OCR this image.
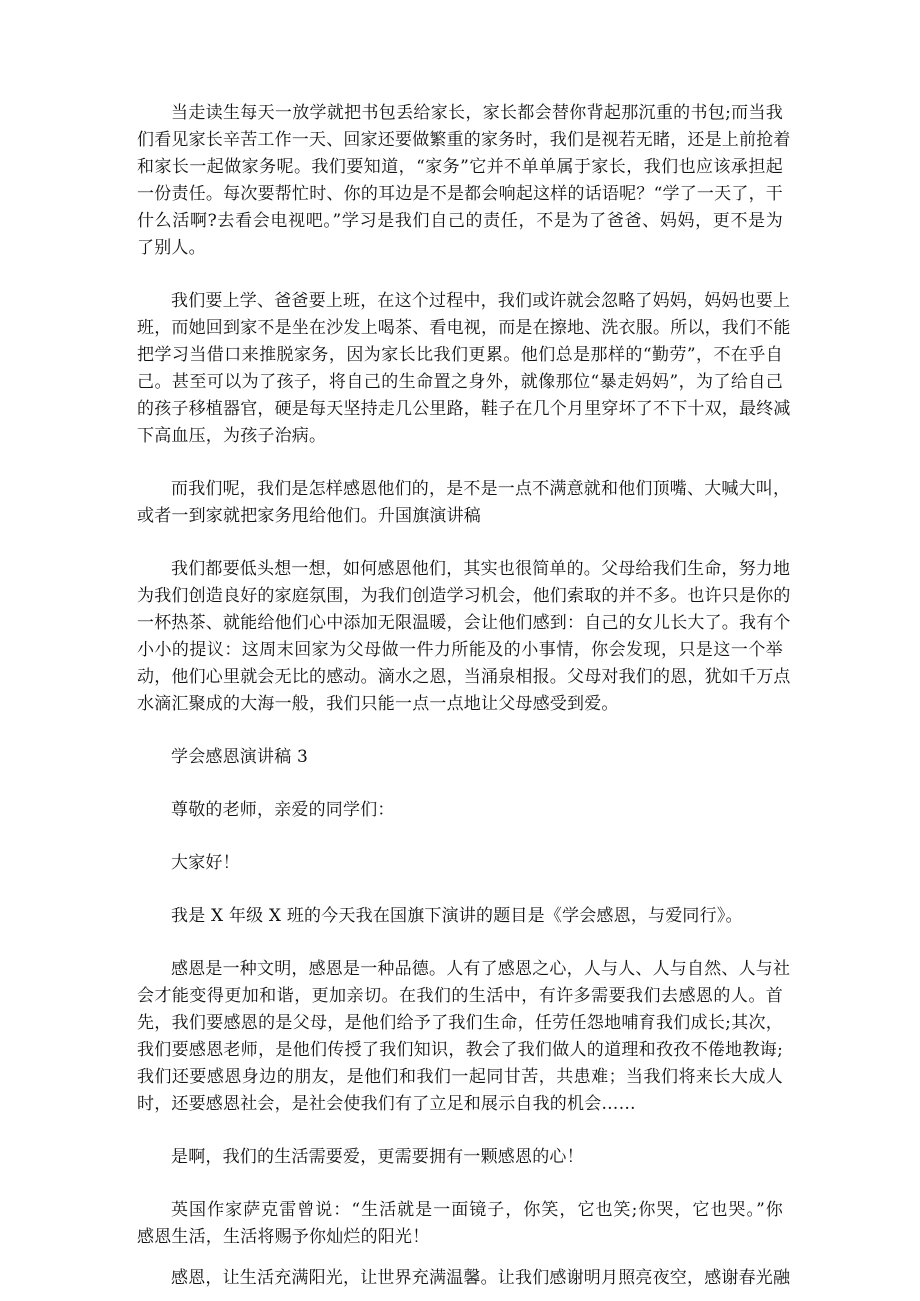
当走读生每天一放学就把书包丢给家长，家长都会替你背起那沉重的书包;而当我
们看见家长辛苦工作一天、回家还要做繁重的家务时，我们是视若无睹，还是上前抢着
和家长一起做家务呢。我们要知道，“家务”它并不单单属于家长，我们也应该承担起
一份责任。每次要帮忙时、你的耳边是不是都会响起这样的话语呢？“学了一天了，干
什么活啊?去看会电视吧。”学习是我们自己的责任，不是为了爸爸、妈妈，更不是为
了别人。
我们要上学、爸爸要上班，在这个过程中，我们或许就会忽略了妈妈，妈妈也要上
班，而她回到家不是坐在沙发上喝茶、看电视，而是在擦地、洗衣服。所以，我们不能
把学习当借口来推脱家务，因为家长比我们更累。他们总是那样的“勤劳”，不在乎自
己。甚至可以为了孩子，将自己的生命置之身外，就像那位“暴走妈妈”，为了给自己
的孩子移植器官，硬是每天坚持走几公里路，鞋子在几个月里穿坏了不下十双，最终减
下高血压，为孩子治病。
而我们呢，我们是怎样感恩他们的，是不是一点不满意就和他们顶嘴、大喊大叫，
或者一到家就把家务甩给他们。升国旗演讲稿
我们都要低头想一想，如何感恩他们，其实也很简单的。父母给我们生命，努力地
为我们创造良好的家庭氛围，为我们创造学习机会，他们索取的并不多。也许只是你的
一杯热茶、就能给他们心中添加无限温暖，会让他们感到：自己的女儿长大了。我有个
小小的提议：这周末回家为父母做一件力所能及的小事情，你会发现，只是这一个举
动，他们心里就会无比的感动。滴水之恩，当涌泉相报。父母对我们的恩，犹如千万点
水滴汇聚成的大海一般，我们只能一点一点地让父母感受到爱。
学会感恩演讲稿 3
尊敬的老师，亲爱的同学们：
大家好！
我是 X 年级 X 班的今天我在国旗下演讲的题目是《学会感恩，与爱同行》。
感恩是一种文明，感恩是一种品德。人有了感恩之心，人与人、人与自然、人与社
会才能变得更加和谐，更加亲切。在我们的生活中，有许多需要我们去感恩的人。首
先，我们要感恩的是父母，是他们给予了我们生命，任劳任怨地哺育我们成长;其次，
我们要感恩老师，是他们传授了我们知识，教会了我们做人的道理和孜孜不倦地教诲;
我们还要感恩身边的朋友，是他们和我们一起同甘苦，共患难；当我们将来长大成人
时，还要感恩社会，是社会使我们有了立足和展示自我的机会……
是啊，我们的生活需要爱，更需要拥有一颗感恩的心！
英国作家萨克雷曾说：“生活就是一面镜子，你笑，它也笑;你哭，它也哭。”你
感恩生活，生活将赐予你灿烂的阳光！
感恩，让生活充满阳光，让世界充满温馨。让我们感谢明月照亮夜空，感谢春光融
